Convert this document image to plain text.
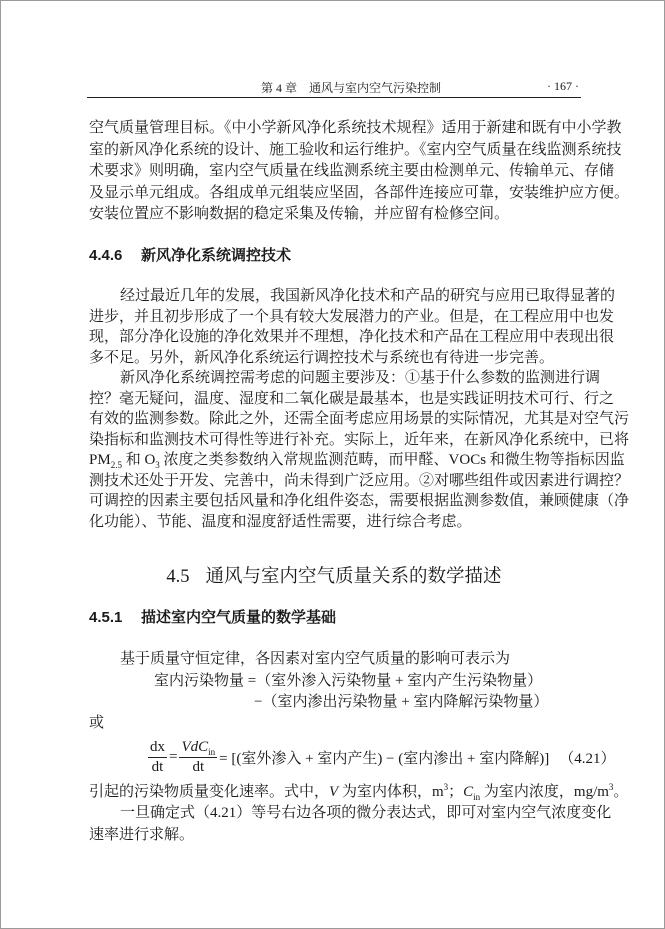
第 4 章　通风与室内空气污染控制	· 167 ·
空气质量管理目标。《中小学新风净化系统技术规程》适用于新建和既有中小学教
室的新风净化系统的设计、施工验收和运行维护。《室内空气质量在线监测系统技
术要求》则明确，室内空气质量在线监测系统主要由检测单元、传输单元、存储
及显示单元组成。各组成单元组装应坚固，各部件连接应可靠，安装维护应方便。
安装位置应不影响数据的稳定采集及传输，并应留有检修空间。
4.4.6 新风净化系统调控技术
经过最近几年的发展，我国新风净化技术和产品的研究与应用已取得显著的
进步，并且初步形成了一个具有较大发展潜力的产业。但是，在工程应用中也发
现，部分净化设施的净化效果并不理想，净化技术和产品在工程应用中表现出很
多不足。另外，新风净化系统运行调控技术与系统也有待进一步完善。
新风净化系统调控需考虑的问题主要涉及：①基于什么参数的监测进行调
控？毫无疑问，温度、湿度和二氧化碳是最基本，也是实践证明技术可行、行之
有效的监测参数。除此之外，还需全面考虑应用场景的实际情况，尤其是对空气污
染指标和监测技术可得性等进行补充。实际上，近年来，在新风净化系统中，已将
$PM_{2.5}$ 和 $O_3$ 浓度之类参数纳入常规监测范畴，而甲醛、VOCs 和微生物等指标因监
测技术还处于开发、完善中，尚未得到广泛应用。②对哪些组件或因素进行调控？
可调控的因素主要包括风量和净化组件姿态，需要根据监测参数值，兼顾健康（净
化功能）、节能、温度和湿度舒适性需要，进行综合考虑。
4.5 通风与室内空气质量关系的数学描述
4.5.1 描述室内空气质量的数学基础
基于质量守恒定律，各因素对室内空气质量的影响可表示为
室内污染物量 =（室外渗入污染物量 + 室内产生污染物量）
−（室内渗出污染物量 + 室内降解污染物量）
或
$\frac{dx}{dt} = \frac{VdC_{in}}{dt}$ = [(室外渗入 + 室内产生) − (室内渗出 + 室内降解)] （4.21）
引起的污染物质量变化速率。式中，V 为室内体积，$m^3$；$C_{in}$ 为室内浓度，$mg/m^3$。
一旦确定式（4.21）等号右边各项的微分表达式，即可对室内空气浓度变化
速率进行求解。
